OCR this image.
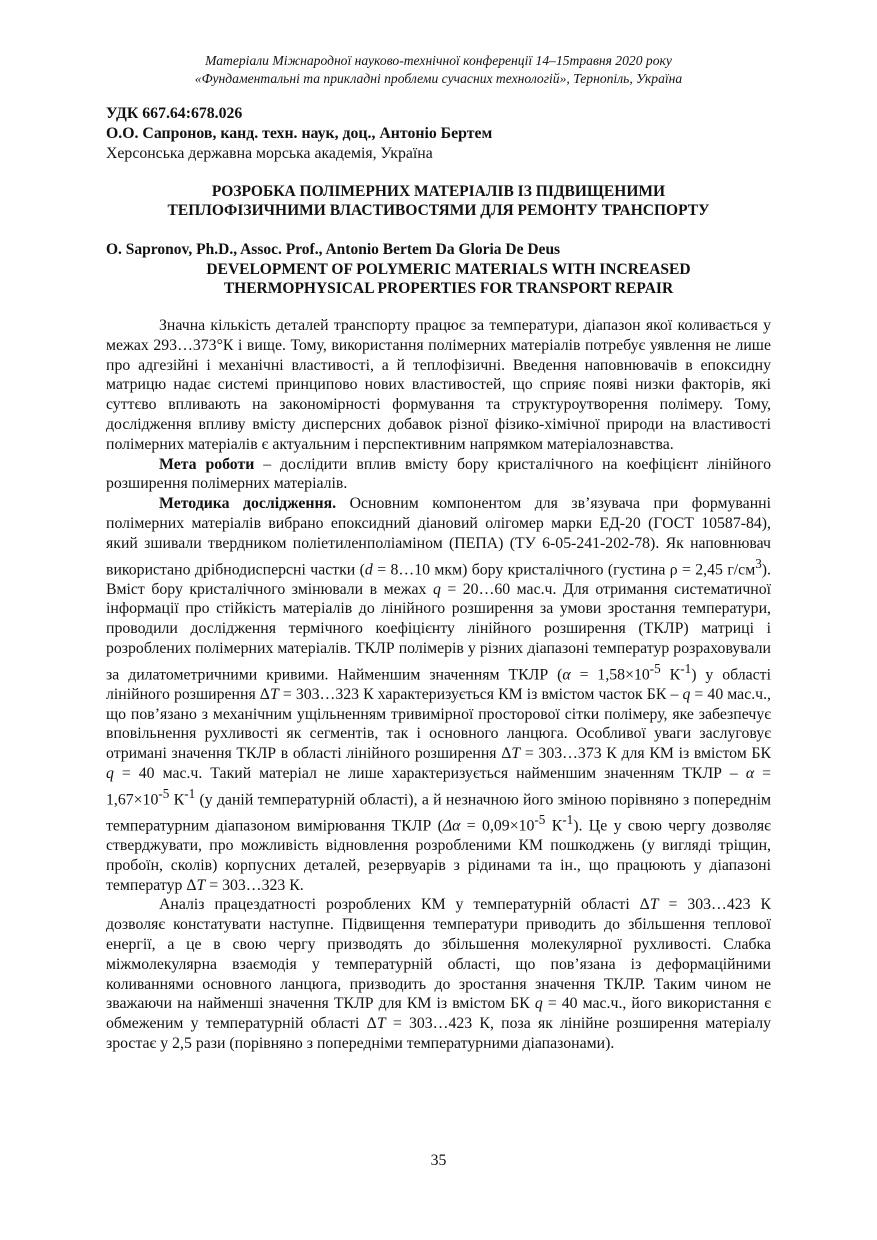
Матеріали Міжнародної науково-технічної конференції 14–15травня 2020 року
«Фундаментальні та прикладні проблеми сучасних технологій», Тернопіль, Україна
УДК 667.64:678.026
О.О. Сапронов, канд. техн. наук, доц., Антоніо Бертем
Херсонська державна морська академія, Україна
РОЗРОБКА ПОЛІМЕРНИХ МАТЕРІАЛІВ ІЗ ПІДВИЩЕНИМИ
ТЕПЛОФІЗИЧНИМИ ВЛАСТИВОСТЯМИ ДЛЯ РЕМОНТУ ТРАНСПОРТУ
O. Sapronov, Ph.D., Assoc. Prof., Antonio Bertem Da Gloria De Deus
DEVELOPMENT OF POLYMERIC MATERIALS WITH INCREASED
THERMOPHYSICAL PROPERTIES FOR TRANSPORT REPAIR

Значна кількість деталей транспорту працює за температури, діапазон якої коливається у межах 293…373°К і вище. Тому, використання полімерних матеріалів потребує уявлення не лише про адгезійні і механічні властивості, а й теплофізичні. Введення наповнювачів в епоксидну матрицю надає системі принципово нових властивостей, що сприяє появі низки факторів, які суттєво впливають на закономірності формування та структуроутворення полімеру. Тому, дослідження впливу вмісту дисперсних добавок різної фізико-хімічної природи на властивості полімерних матеріалів є актуальним і перспективним напрямком матеріалознавства.

Мета роботи – дослідити вплив вмісту бору кристалічного на коефіцієнт лінійного розширення полімерних матеріалів.

Методика дослідження. Основним компонентом для зв’язувача при формуванні полімерних матеріалів вибрано епоксидний діановий олігомер марки ЕД-20 (ГОСТ 10587-84), який зшивали твердником поліетиленполіаміном (ПЕПА) (ТУ 6-05-241-202-78). Як наповнювач використано дрібнодисперсні частки (d = 8…10 мкм) бору кристалічного (густина ρ = 2,45 $г/см^3$). Вміст бору кристалічного змінювали в межах q = 20…60 мас.ч. Для отримання систематичної інформації про стійкість матеріалів до лінійного розширення за умови зростання температури, проводили дослідження термічного коефіцієнту лінійного розширення (ТКЛР) матриці і розроблених полімерних матеріалів. ТКЛР полімерів у різних діапазоні температур розраховували за дилатометричними кривими. Найменшим значенням ТКЛР ($\alpha = 1,58\times 10^{-5}$ $К^{-1}$) у області лінійного розширення ΔT = 303…323 К характеризується КМ із вмістом часток БК – q = 40 мас.ч., що пов’язано з механічним ущільненням тривимірної просторової сітки полімеру, яке забезпечує вповільнення рухливості як сегментів, так і основного ланцюга. Особливої уваги заслуговує отримані значення ТКЛР в області лінійного розширення ΔT = 303…373 К для КМ із вмістом БК q = 40 мас.ч. Такий матеріал не лише характеризується найменшим значенням ТКЛР – $\alpha = 1,67\times 10^{-5}$ $К^{-1}$ (у даній температурній області), а й незначною його зміною порівняно з попереднім температурним діапазоном вимірювання ТКЛР ($\Delta\alpha = 0,09\times 10^{-5}$ $К^{-1}$). Це у свою чергу дозволяє стверджувати, про можливість відновлення розробленими КМ пошкоджень (у вигляді тріщин, пробоїн, сколів) корпусних деталей, резервуарів з рідинами та ін., що працюють у діапазоні температур ΔT = 303…323 К.

Аналіз працездатності розроблених КМ у температурній області ΔT = 303…423 К дозволяє констатувати наступне. Підвищення температури приводить до збільшення теплової енергії, а це в свою чергу призводять до збільшення молекулярної рухливості. Слабка міжмолекулярна взаємодія у температурній області, що пов’язана із деформаційними коливаннями основного ланцюга, призводить до зростання значення ТКЛР. Таким чином не зважаючи на найменші значення ТКЛР для КМ із вмістом БК q = 40 мас.ч., його використання є обмеженим у температурній області ΔT = 303…423 К, поза як лінійне розширення матеріалу зростає у 2,5 рази (порівняно з попередніми температурними діапазонами).

35
